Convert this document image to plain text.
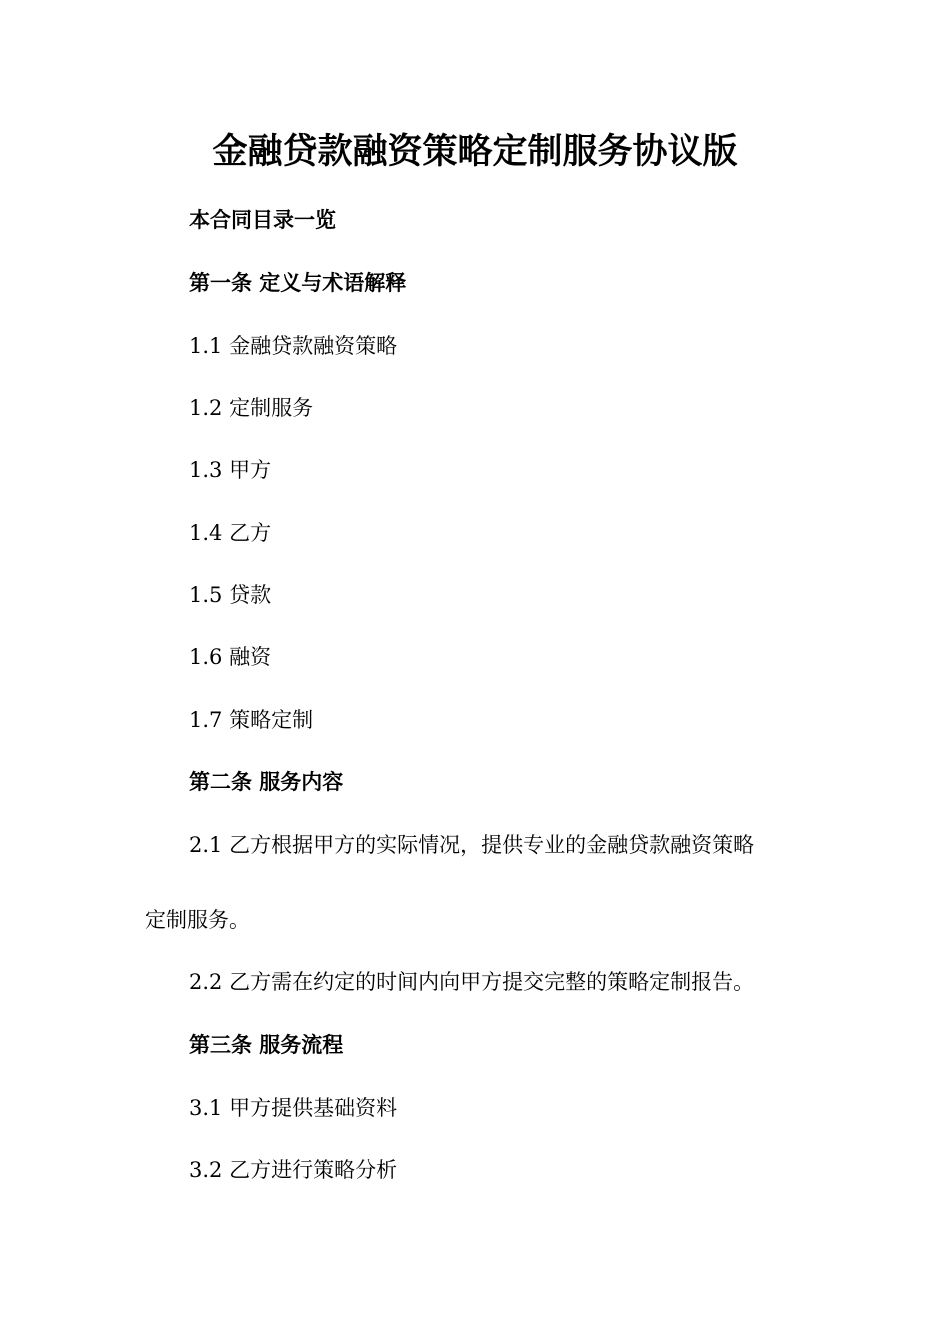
金融贷款融资策略定制服务协议版
本合同目录一览
第一条 定义与术语解释
1.1 金融贷款融资策略
1.2 定制服务
1.3 甲方
1.4 乙方
1.5 贷款
1.6 融资
1.7 策略定制
第二条 服务内容
2.1 乙方根据甲方的实际情况，提供专业的金融贷款融资策略
定制服务。
2.2 乙方需在约定的时间内向甲方提交完整的策略定制报告。
第三条 服务流程
3.1 甲方提供基础资料
3.2 乙方进行策略分析
